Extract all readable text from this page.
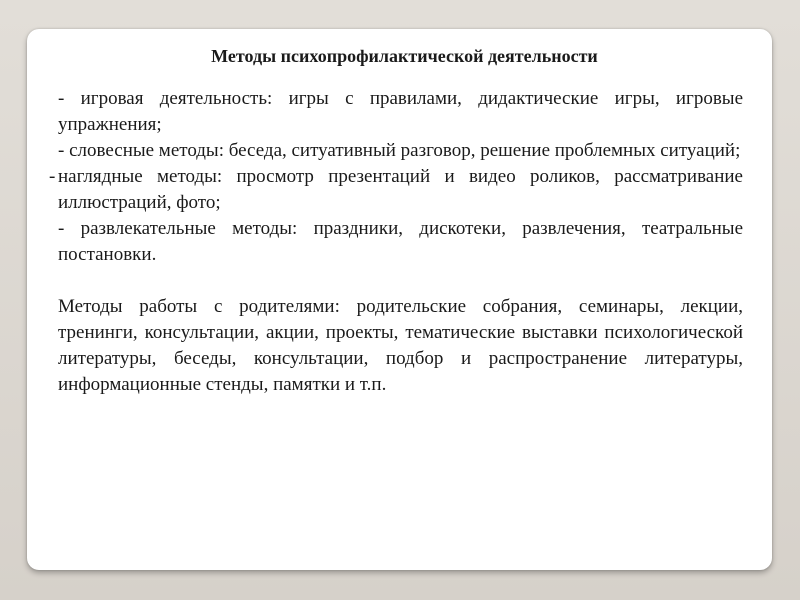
Методы психопрофилактической деятельности

- игровая деятельность: игры с правилами, дидактические игры, игровые упражнения;

- словесные методы: беседа, ситуативный разговор, решение проблемных ситуаций;

- наглядные методы: просмотр презентаций и видео роликов, рассматривание иллюстраций, фото;

- развлекательные методы: праздники, дискотеки, развлечения, театральные постановки.

Методы работы с родителями: родительские собрания, семинары, лекции, тренинги, консультации, акции, проекты, тематические выставки психологической литературы, беседы, консультации, подбор и распространение литературы, информационные стенды, памятки и т.п.
